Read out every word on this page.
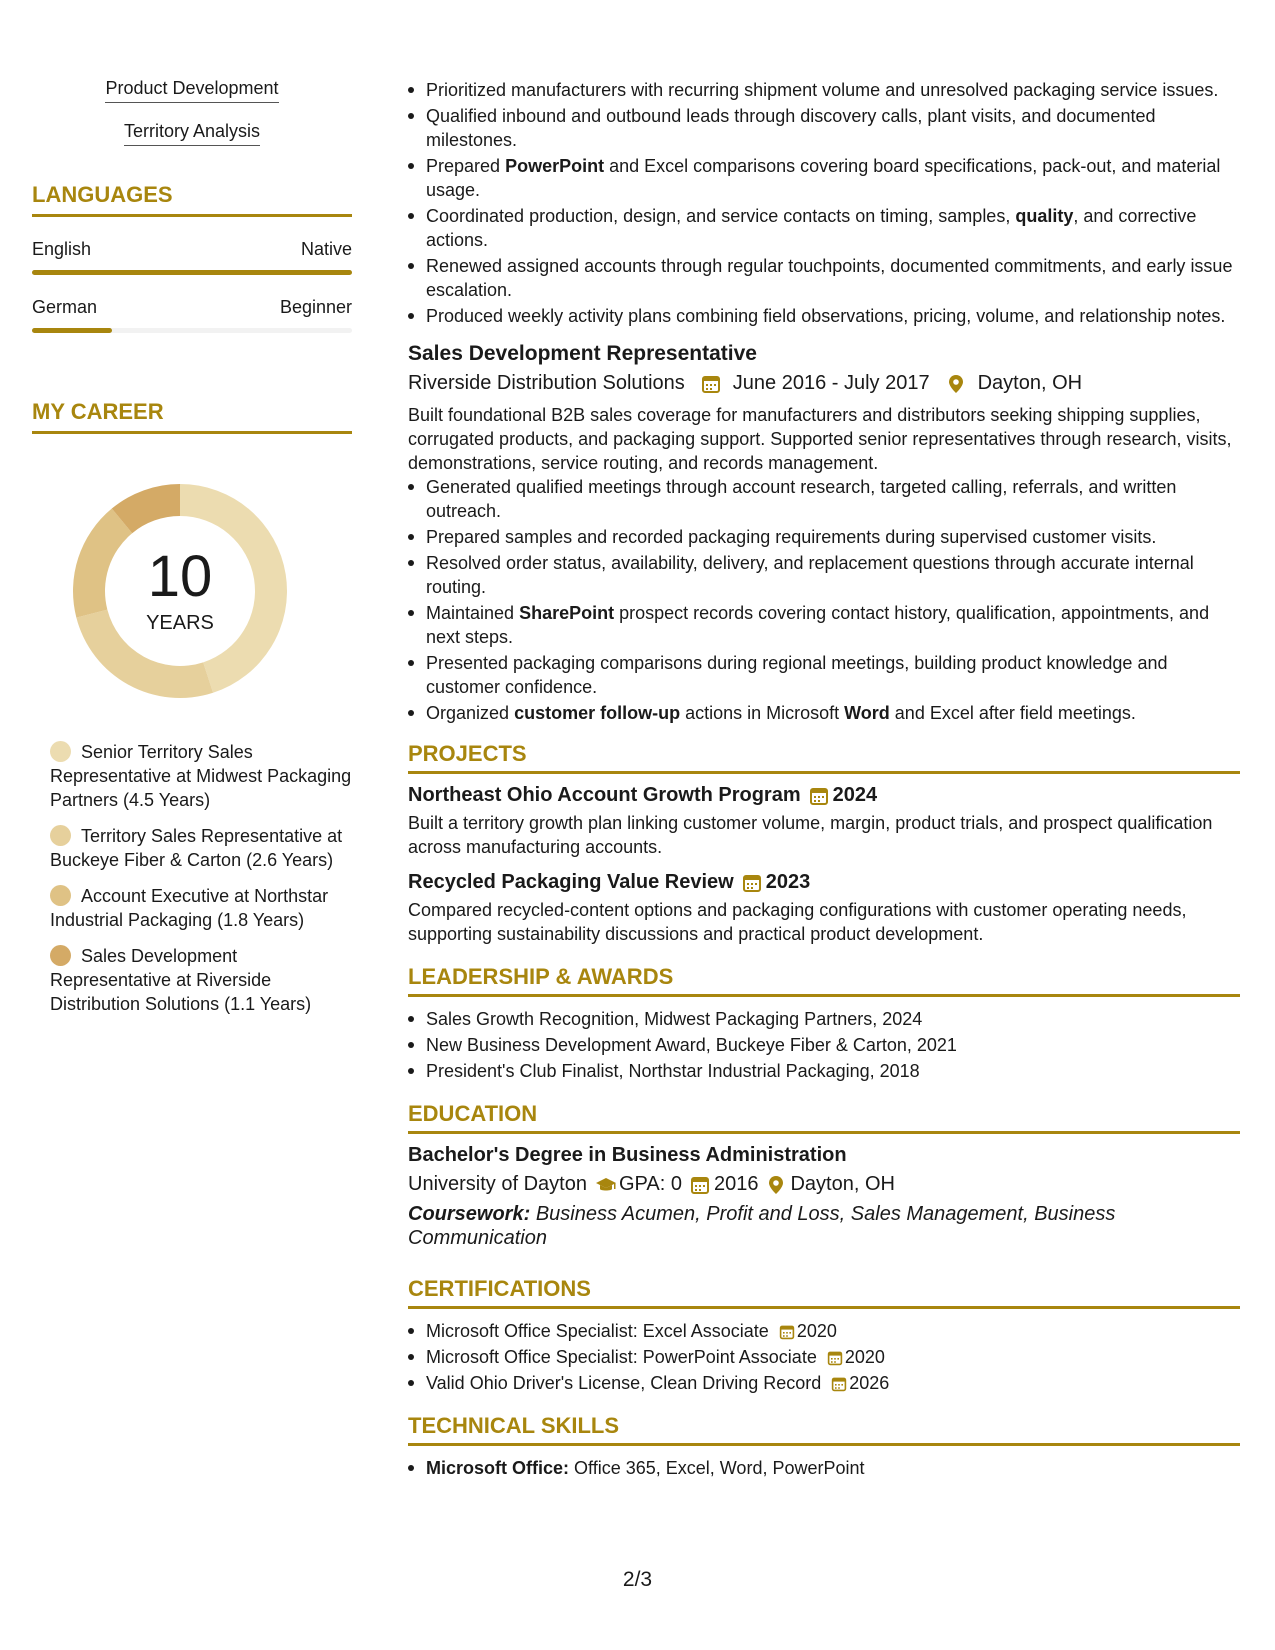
Product Development
Territory Analysis
LANGUAGES
English	Native
German	Beginner
MY CAREER
10
YEARS
Senior Territory Sales Representative at Midwest Packaging Partners (4.5 Years)
Territory Sales Representative at Buckeye Fiber & Carton (2.6 Years)
Account Executive at Northstar Industrial Packaging (1.8 Years)
Sales Development Representative at Riverside Distribution Solutions (1.1 Years)
Prioritized manufacturers with recurring shipment volume and unresolved packaging service issues.
Qualified inbound and outbound leads through discovery calls, plant visits, and documented milestones.
Prepared PowerPoint and Excel comparisons covering board specifications, pack-out, and material usage.
Coordinated production, design, and service contacts on timing, samples, quality, and corrective actions.
Renewed assigned accounts through regular touchpoints, documented commitments, and early issue escalation.
Produced weekly activity plans combining field observations, pricing, volume, and relationship notes.
Sales Development Representative
Riverside Distribution Solutions June 2016 - July 2017 Dayton, OH
Built foundational B2B sales coverage for manufacturers and distributors seeking shipping supplies, corrugated products, and packaging support. Supported senior representatives through research, visits, demonstrations, service routing, and records management.
Generated qualified meetings through account research, targeted calling, referrals, and written outreach.
Prepared samples and recorded packaging requirements during supervised customer visits.
Resolved order status, availability, delivery, and replacement questions through accurate internal routing.
Maintained SharePoint prospect records covering contact history, qualification, appointments, and next steps.
Presented packaging comparisons during regional meetings, building product knowledge and customer confidence.
Organized customer follow-up actions in Microsoft Word and Excel after field meetings.
PROJECTS
Northeast Ohio Account Growth Program 2024
Built a territory growth plan linking customer volume, margin, product trials, and prospect qualification across manufacturing accounts.
Recycled Packaging Value Review 2023
Compared recycled-content options and packaging configurations with customer operating needs, supporting sustainability discussions and practical product development.
LEADERSHIP & AWARDS
Sales Growth Recognition, Midwest Packaging Partners, 2024
New Business Development Award, Buckeye Fiber & Carton, 2021
President's Club Finalist, Northstar Industrial Packaging, 2018
EDUCATION
Bachelor's Degree in Business Administration
University of Dayton GPA: 0 2016 Dayton, OH
Coursework: Business Acumen, Profit and Loss, Sales Management, Business Communication
CERTIFICATIONS
Microsoft Office Specialist: Excel Associate 2020
Microsoft Office Specialist: PowerPoint Associate 2020
Valid Ohio Driver's License, Clean Driving Record 2026
TECHNICAL SKILLS
Microsoft Office: Office 365, Excel, Word, PowerPoint
2/3
